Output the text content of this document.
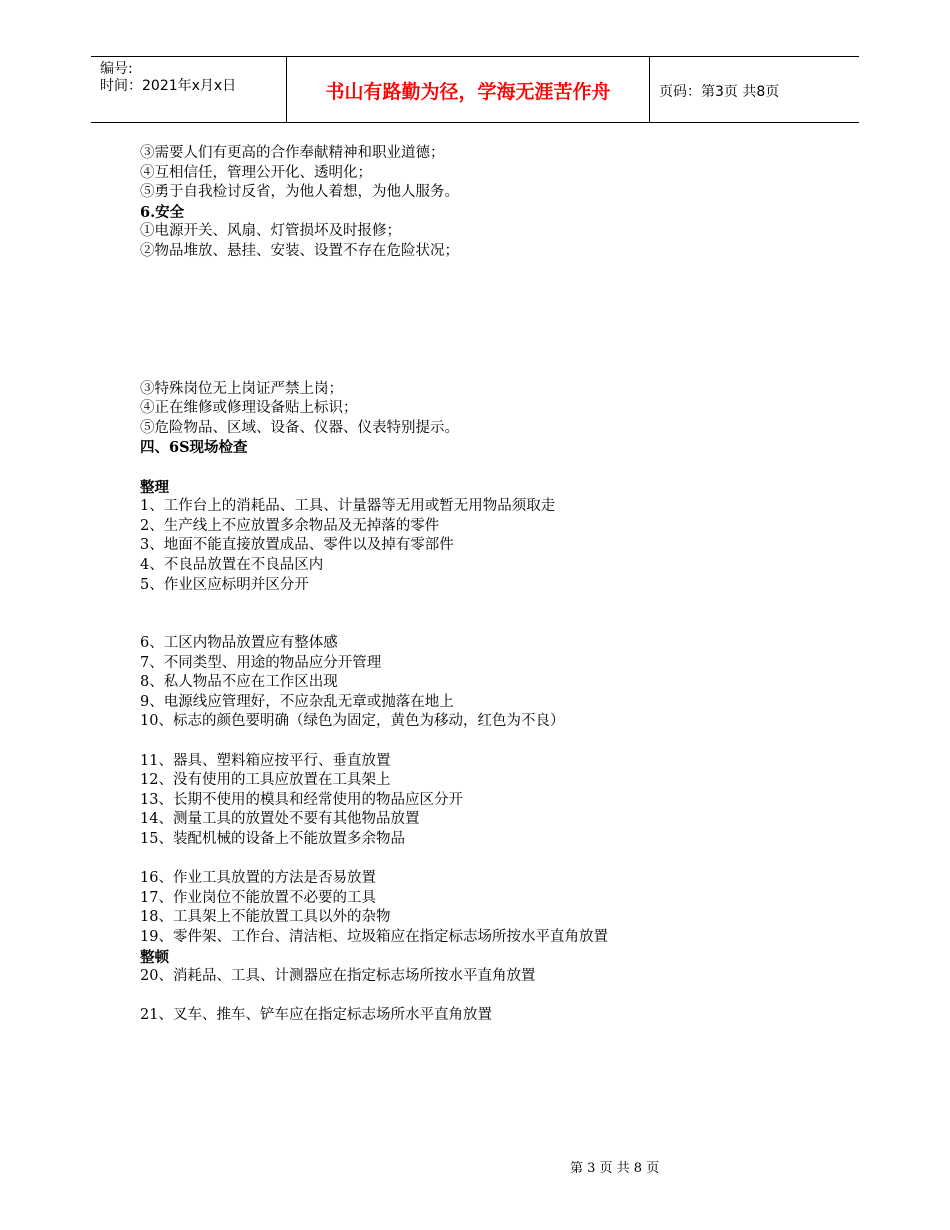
编号:
时间：2021年x月x日	书山有路勤为径，学海无涯苦作舟	页码：第3页 共8页

③需要人们有更高的合作奉献精神和职业道德；

④互相信任，管理公开化、透明化；

⑤勇于自我检讨反省，为他人着想，为他人服务。

6.安全

①电源开关、风扇、灯管损坏及时报修；

②物品堆放、悬挂、安装、设置不存在危险状况；

③特殊岗位无上岗证严禁上岗；

④正在维修或修理设备贴上标识；

⑤危险物品、区域、设备、仪器、仪表特别提示。

四、6S现场检查

整理

1、工作台上的消耗品、工具、计量器等无用或暂无用物品须取走

2、生产线上不应放置多余物品及无掉落的零件

3、地面不能直接放置成品、零件以及掉有零部件

4、不良品放置在不良品区内

5、作业区应标明并区分开

6、工区内物品放置应有整体感

7、不同类型、用途的物品应分开管理

8、私人物品不应在工作区出现

9、电源线应管理好，不应杂乱无章或抛落在地上

10、标志的颜色要明确（绿色为固定，黄色为移动，红色为不良）

11、器具、塑料箱应按平行、垂直放置

12、没有使用的工具应放置在工具架上

13、长期不使用的模具和经常使用的物品应区分开

14、测量工具的放置处不要有其他物品放置

15、装配机械的设备上不能放置多余物品

16、作业工具放置的方法是否易放置

17、作业岗位不能放置不必要的工具

18、工具架上不能放置工具以外的杂物

19、零件架、工作台、清洁柜、垃圾箱应在指定标志场所按水平直角放置

整顿

20、消耗品、工具、计测器应在指定标志场所按水平直角放置

21、叉车、推车、铲车应在指定标志场所水平直角放置

第 3 页 共 8 页
